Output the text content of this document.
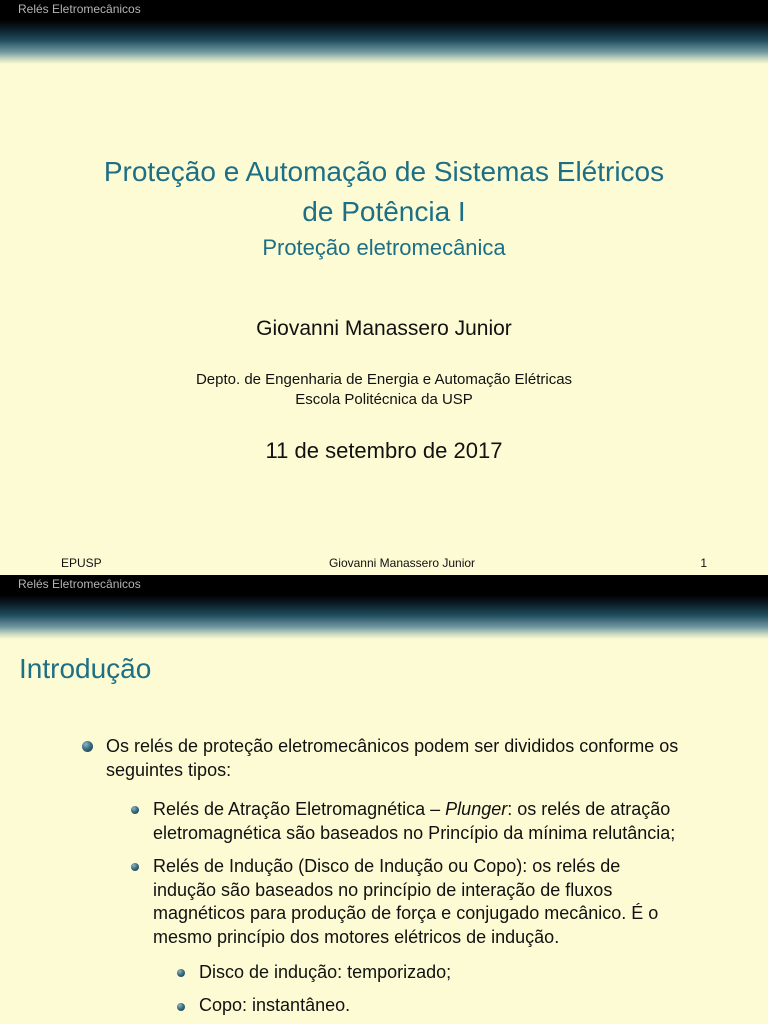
Relés Eletromecânicos
Proteção e Automação de Sistemas Elétricos
de Potência I
Proteção eletromecânica
Giovanni Manassero Junior
Depto. de Engenharia de Energia e Automação Elétricas
Escola Politécnica da USP
11 de setembro de 2017
EPUSP	Giovanni Manassero Junior	1
Relés Eletromecânicos
Introdução
Os relés de proteção eletromecânicos podem ser divididos conforme os
seguintes tipos:
Relés de Atração Eletromagnética – Plunger: os relés de atração
eletromagnética são baseados no Princípio da mínima relutância;
Relés de Indução (Disco de Indução ou Copo): os relés de
indução são baseados no princípio de interação de fluxos
magnéticos para produção de força e conjugado mecânico. É o
mesmo princípio dos motores elétricos de indução.
Disco de indução: temporizado;
Copo: instantâneo.
